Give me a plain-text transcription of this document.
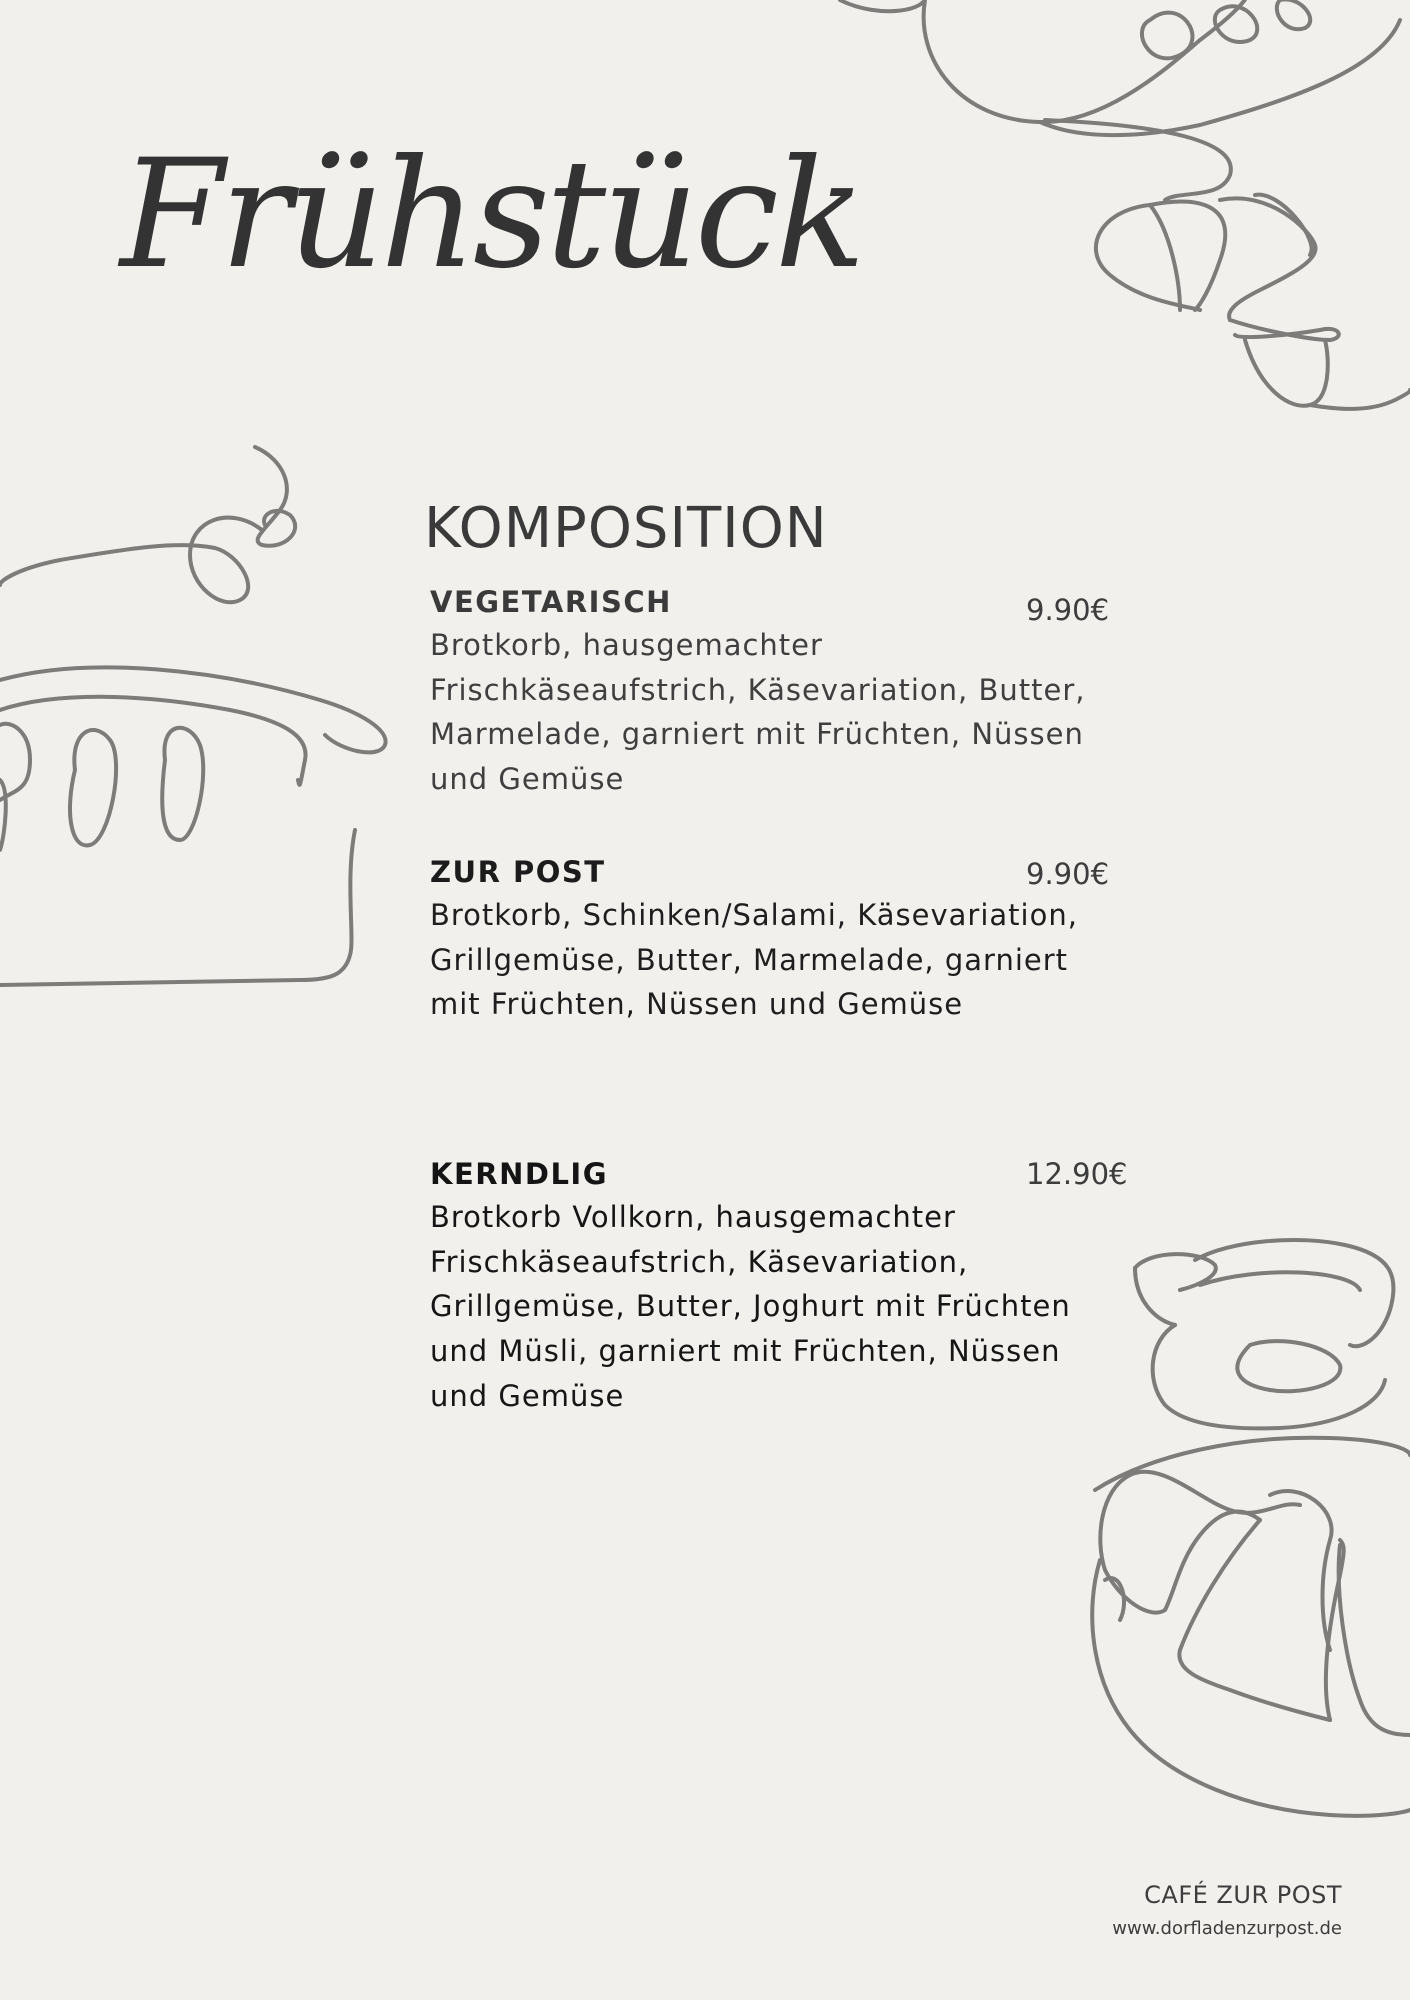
Frühstück
KOMPOSITION
VEGETARISCH
Brotkorb, hausgemachter Frischkäseaufstrich, Käsevariation, Butter, Marmelade, garniert mit Früchten, Nüssen und Gemüse
9.90€
ZUR POST
Brotkorb, Schinken/Salami, Käsevariation, Grillgemüse, Butter, Marmelade, garniert mit Früchten, Nüssen und Gemüse
9.90€
KERNDLIG
Brotkorb Vollkorn, hausgemachter Frischkäseaufstrich, Käsevariation, Grillgemüse, Butter, Joghurt mit Früchten und Müsli, garniert mit Früchten, Nüssen und Gemüse
12.90€
CAFÉ ZUR POST
www.dorfladenzurpost.de
